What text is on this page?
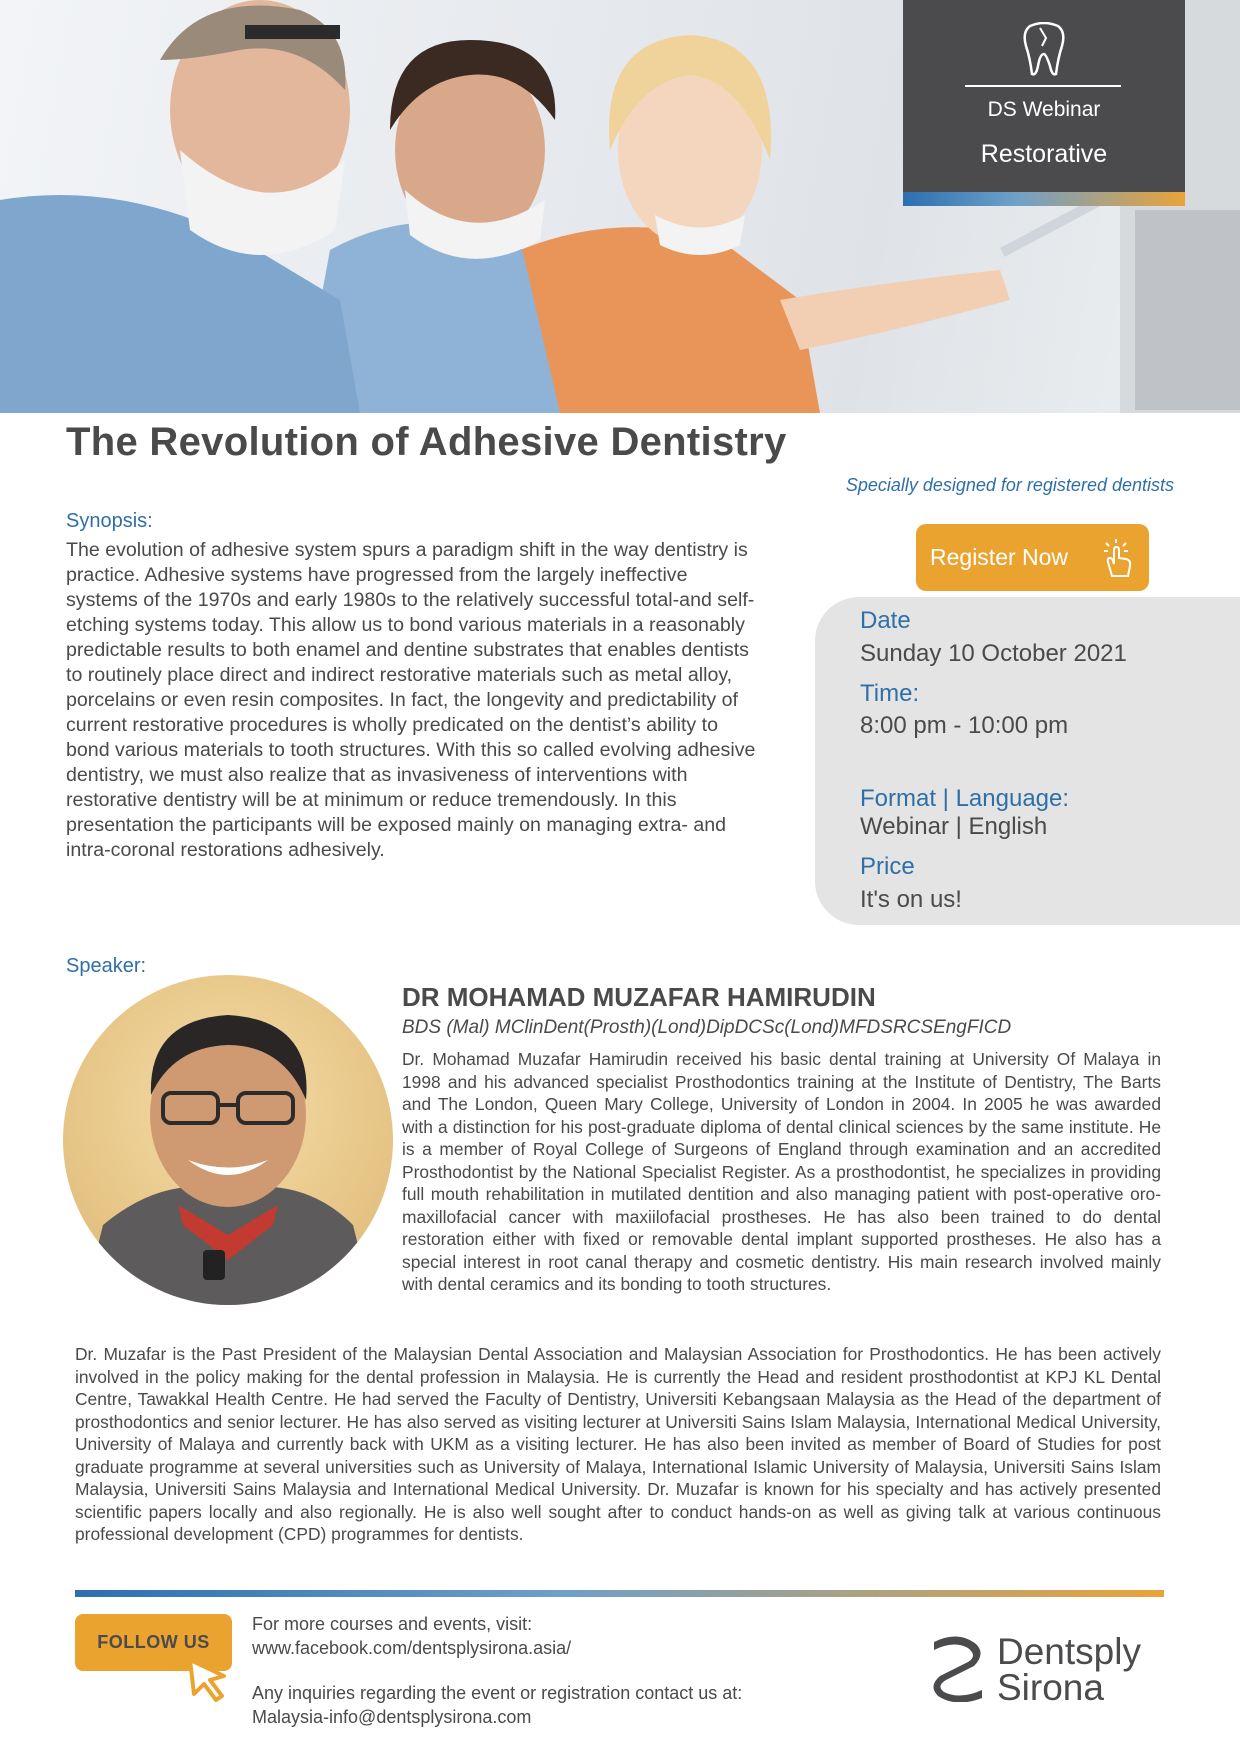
DS Webinar
Restorative
The Revolution of Adhesive Dentistry
Specially designed for registered dentists
Synopsis:
The evolution of adhesive system spurs a paradigm shift in the way dentistry is practice. Adhesive systems have progressed from the largely ineffective systems of the 1970s and early 1980s to the relatively successful total-and self-etching systems today. This allow us to bond various materials in a reasonably predictable results to both enamel and dentine substrates that enables dentists to routinely place direct and indirect restorative materials such as metal alloy, porcelains or even resin composites. In fact, the longevity and predictability of current restorative procedures is wholly predicated on the dentist’s ability to bond various materials to tooth structures. With this so called evolving adhesive dentistry, we must also realize that as invasiveness of interventions with restorative dentistry will be at minimum or reduce tremendously. In this presentation the participants will be exposed mainly on managing extra- and intra-coronal restorations adhesively.
Register Now
Date
Sunday 10 October 2021
Time:
8:00 pm - 10:00 pm
Format | Language:
Webinar | English
Price
It's on us!
Speaker:
DR MOHAMAD MUZAFAR HAMIRUDIN
BDS (Mal) MClinDent(Prosth)(Lond)DipDCSc(Lond)MFDSRCSEngFICD
Dr. Mohamad Muzafar Hamirudin received his basic dental training at University Of Malaya in 1998 and his advanced specialist Prosthodontics training at the Institute of Dentistry, The Barts and The London, Queen Mary College, University of London in 2004. In 2005 he was awarded with a distinction for his post-graduate diploma of dental clinical sciences by the same institute. He is a member of Royal College of Surgeons of England through examination and an accredited Prosthodontist by the National Specialist Register. As a prosthodontist, he specializes in providing full mouth rehabilitation in mutilated dentition and also managing patient with post-operative oro-maxillofacial cancer with maxiilofacial prostheses. He has also been trained to do dental restoration either with fixed or removable dental implant supported prostheses. He also has a special interest in root canal therapy and cosmetic dentistry. His main research involved mainly with dental ceramics and its bonding to tooth structures.
Dr. Muzafar is the Past President of the Malaysian Dental Association and Malaysian Association for Prosthodontics. He has been actively involved in the policy making for the dental profession in Malaysia. He is currently the Head and resident prosthodontist at KPJ KL Dental Centre, Tawakkal Health Centre. He had served the Faculty of Dentistry, Universiti Kebangsaan Malaysia as the Head of the department of prosthodontics and senior lecturer. He has also served as visiting lecturer at Universiti Sains Islam Malaysia, International Medical University, University of Malaya and currently back with UKM as a visiting lecturer. He has also been invited as member of Board of Studies for post graduate programme at several universities such as University of Malaya, International Islamic University of Malaysia, Universiti Sains Islam Malaysia, Universiti Sains Malaysia and International Medical University. Dr. Muzafar is known for his specialty and has actively presented scientific papers locally and also regionally. He is also well sought after to conduct hands-on as well as giving talk at various continuous professional development (CPD) programmes for dentists.
FOLLOW US
For more courses and events, visit:
www.facebook.com/dentsplysirona.asia/
Any inquiries regarding the event or registration contact us at:
Malaysia-info@dentsplysirona.com
Dentsply
Sirona
